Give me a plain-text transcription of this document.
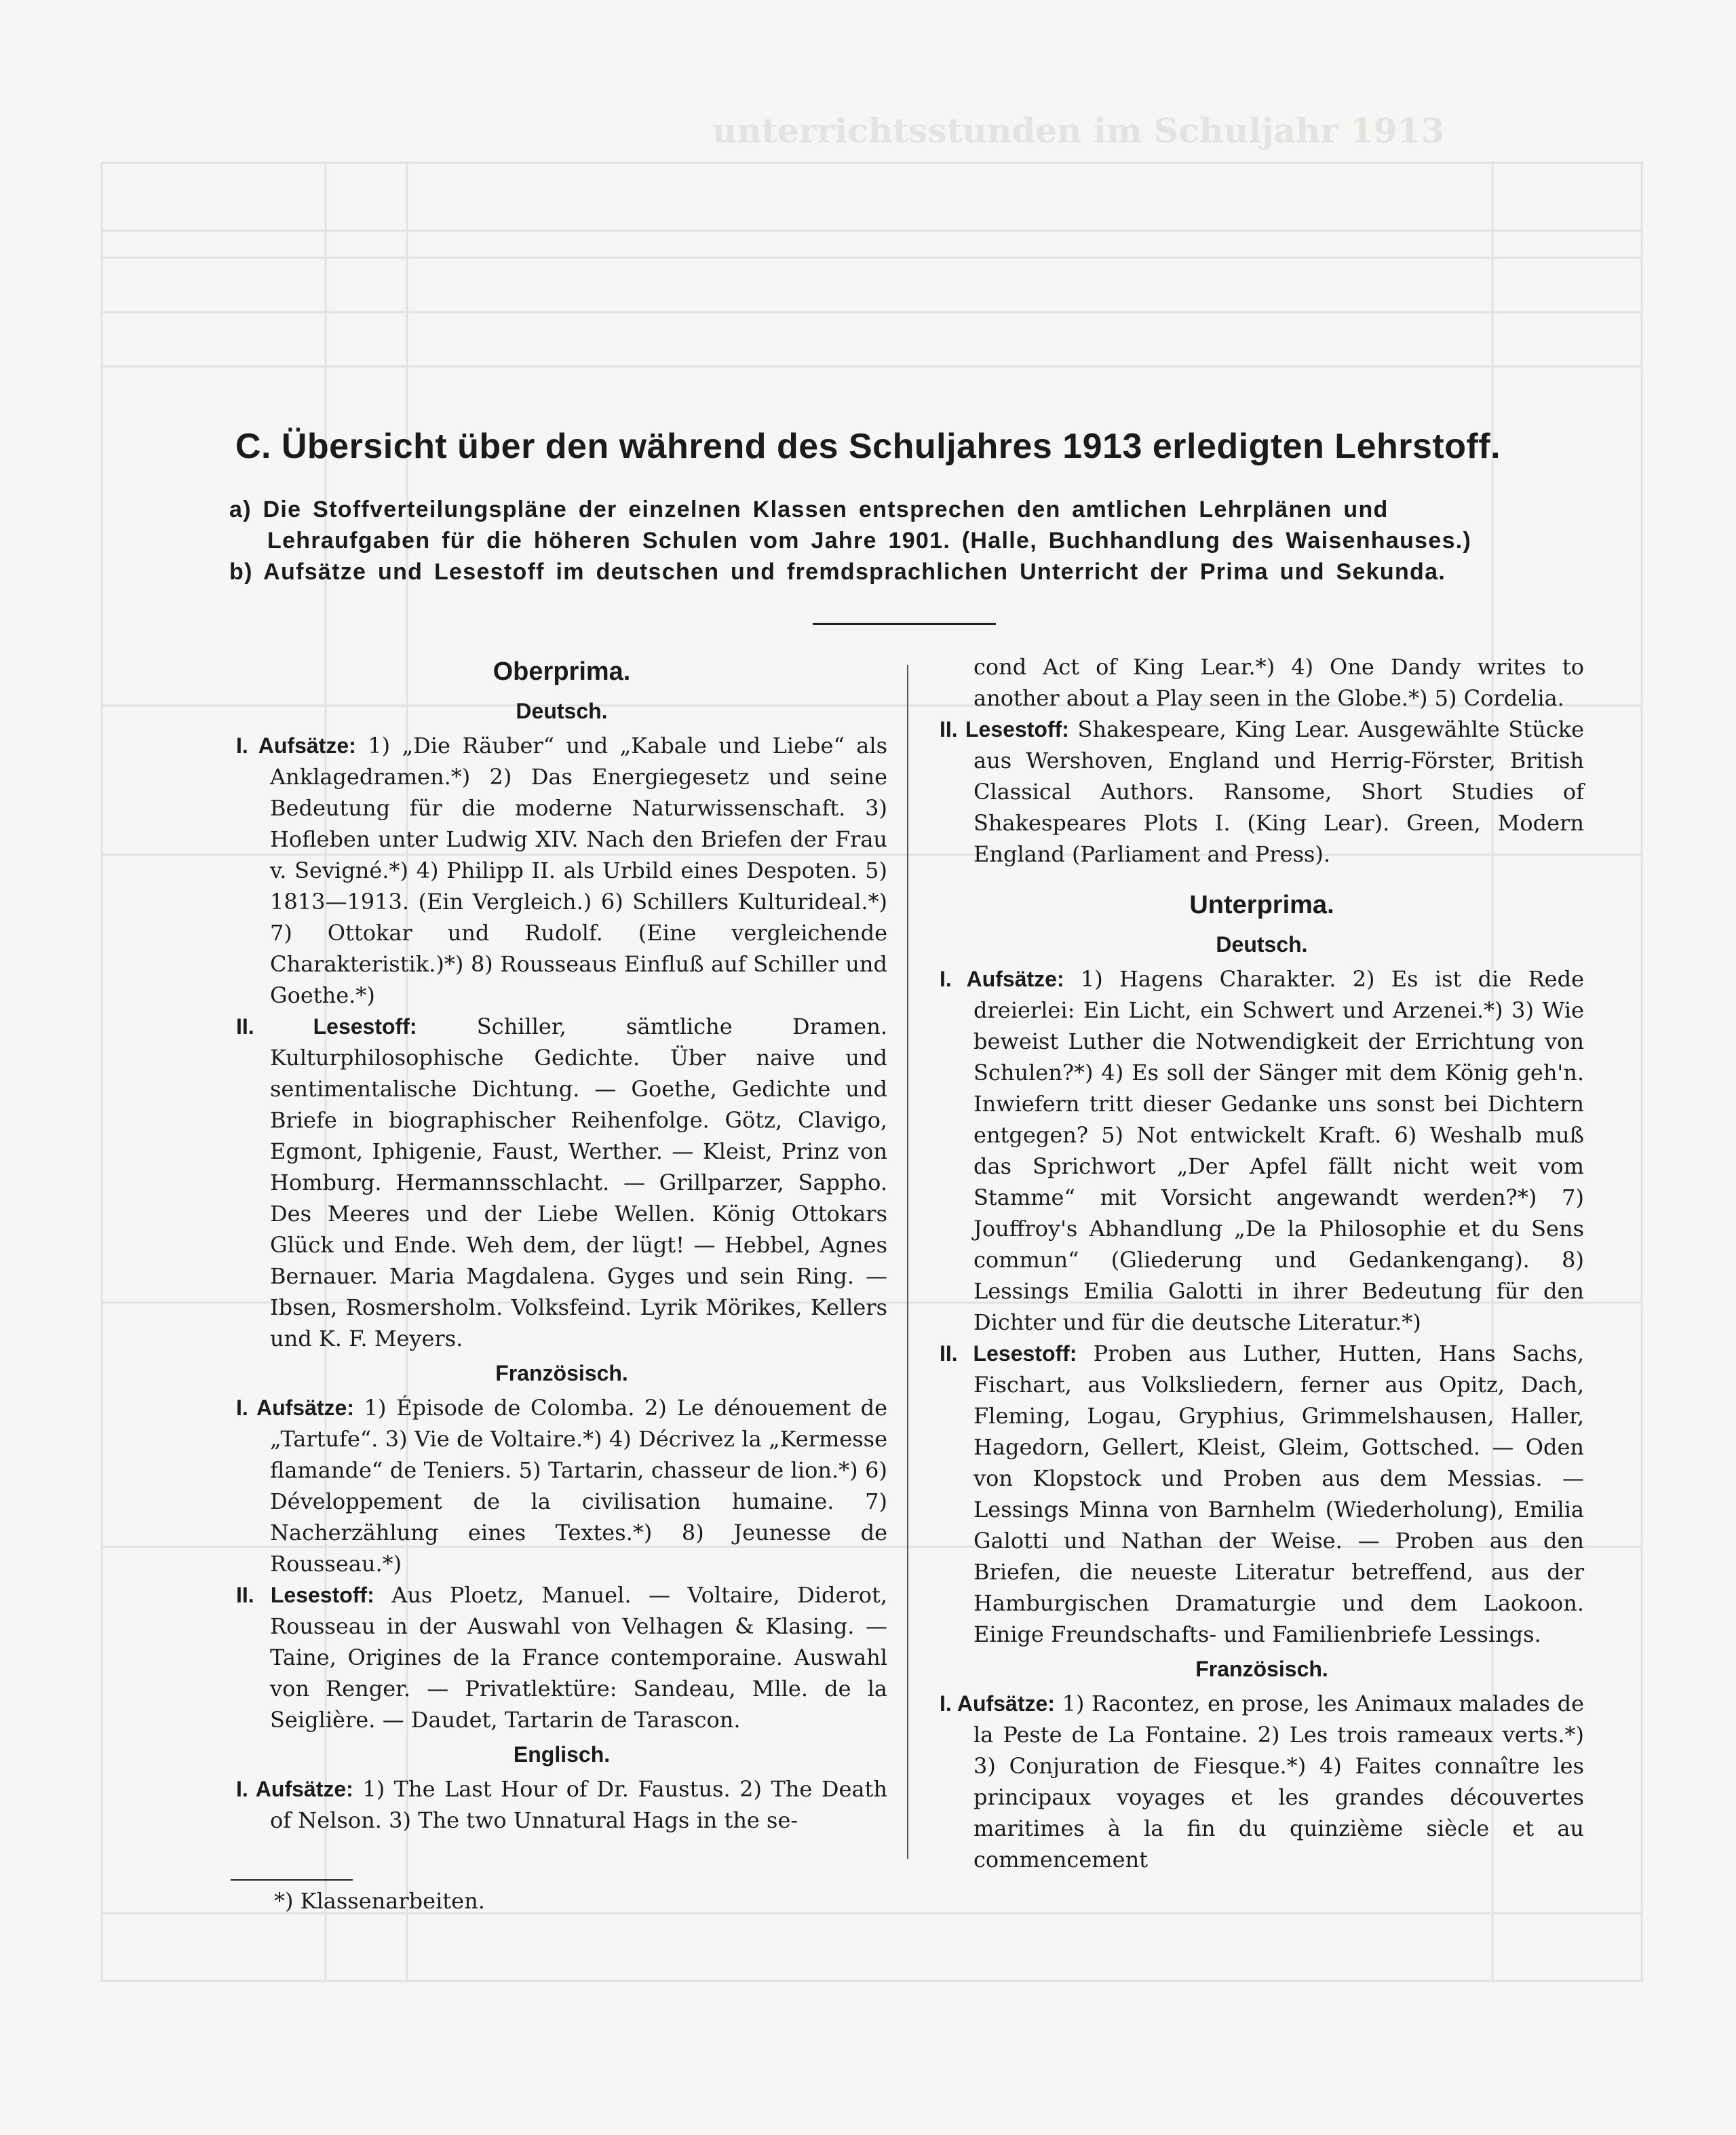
unterrichtsstunden im Schuljahr 1913
C. Übersicht über den während des Schuljahres 1913 erledigten Lehrstoff.

a) Die Stoffverteilungspläne der einzelnen Klassen entsprechen den amtlichen Lehrplänen und Lehraufgaben für die höheren Schulen vom Jahre 1901. (Halle, Buchhandlung des Waisenhauses.)

b) Aufsätze und Lesestoff im deutschen und fremdsprachlichen Unterricht der Prima und Sekunda.

Oberprima.
Deutsch.

I. Aufsätze: 1) „Die Räuber“ und „Kabale und Liebe“ als Anklagedramen.*) 2) Das Energiegesetz und seine Bedeutung für die moderne Naturwissenschaft. 3) Hofleben unter Ludwig XIV. Nach den Briefen der Frau v. Sevigné.*) 4) Philipp II. als Urbild eines Despoten. 5) 1813—1913. (Ein Vergleich.) 6) Schillers Kulturideal.*) 7) Ottokar und Rudolf. (Eine vergleichende Charakteristik.)*) 8) Rousseaus Einfluß auf Schiller und Goethe.*)

II. Lesestoff:	Schiller, sämtliche Dramen. Kulturphilosophische Gedichte. Über naive und sentimentalische Dichtung. — Goethe, Gedichte und Briefe in biographischer Reihenfolge. Götz, Clavigo, Egmont, Iphigenie, Faust, Werther. — Kleist, Prinz von Homburg. Hermannsschlacht. — Grillparzer, Sappho. Des Meeres und der Liebe Wellen. König Ottokars Glück und Ende. Weh dem, der lügt! — Hebbel, Agnes Bernauer. Maria Magdalena. Gyges und sein Ring. — Ibsen, Rosmersholm. Volksfeind. Lyrik Mörikes, Kellers und K. F. Meyers.

Französisch.

I. Aufsätze: 1) Épisode de Colomba. 2) Le dénouement de „Tartufe“. 3) Vie de Voltaire.*) 4) Décrivez la „Kermesse flamande“ de Teniers. 5) Tartarin, chasseur de lion.*) 6) Développement de la civilisation humaine. 7) Nacherzählung eines Textes.*) 8) Jeunesse de Rousseau.*)

II. Lesestoff: Aus Ploetz, Manuel. — Voltaire, Diderot, Rousseau in der Auswahl von Velhagen & Klasing. — Taine, Origines de la France contemporaine. Auswahl von Renger. — Privatlektüre: Sandeau, Mlle. de la Seiglière. — Daudet, Tartarin de Tarascon.

Englisch.

I. Aufsätze: 1) The Last Hour of Dr. Faustus. 2) The Death of Nelson. 3) The two Unnatural Hags in the se-

cond Act of King Lear.*) 4) One Dandy writes to another about a Play seen in the Globe.*) 5) Cordelia.

II. Lesestoff: Shakespeare, King Lear. Ausgewählte Stücke aus Wershoven, England und Herrig-Förster, British Classical Authors. Ransome, Short Studies of Shakespeares Plots I. (King Lear). Green, Modern England (Parliament and Press).

Unterprima.
Deutsch.

I. Aufsätze: 1) Hagens Charakter. 2) Es ist die Rede dreierlei: Ein Licht, ein Schwert und Arzenei.*) 3) Wie beweist Luther die Notwendigkeit der Errichtung von Schulen?*) 4) Es soll der Sänger mit dem König geh'n. Inwiefern tritt dieser Gedanke uns sonst bei Dichtern entgegen? 5) Not entwickelt Kraft. 6) Weshalb muß das Sprichwort „Der Apfel fällt nicht weit vom Stamme“ mit Vorsicht angewandt werden?*) 7) Jouffroy's Abhandlung „De la Philosophie et du Sens commun“ (Gliederung und Gedankengang). 8) Lessings Emilia Galotti in ihrer Bedeutung für den Dichter und für die deutsche Literatur.*)

II. Lesestoff: Proben aus Luther, Hutten, Hans Sachs, Fischart, aus Volksliedern, ferner aus Opitz, Dach, Fleming, Logau, Gryphius, Grimmelshausen, Haller, Hagedorn, Gellert, Kleist, Gleim, Gottsched. — Oden von Klopstock und Proben aus dem Messias. — Lessings Minna von Barnhelm (Wiederholung), Emilia Galotti und Nathan der Weise. — Proben aus den Briefen, die neueste Literatur betreffend, aus der Hamburgischen Dramaturgie und dem Laokoon. Einige Freundschafts- und Familienbriefe Lessings.

Französisch.

I. Aufsätze: 1) Racontez, en prose, les Animaux malades de la Peste de La Fontaine. 2) Les trois rameaux verts.*) 3) Conjuration de Fiesque.*) 4) Faites connaître les principaux voyages et les grandes découvertes maritimes à la fin du quinzième siècle et au commencement

*) Klassenarbeiten.
